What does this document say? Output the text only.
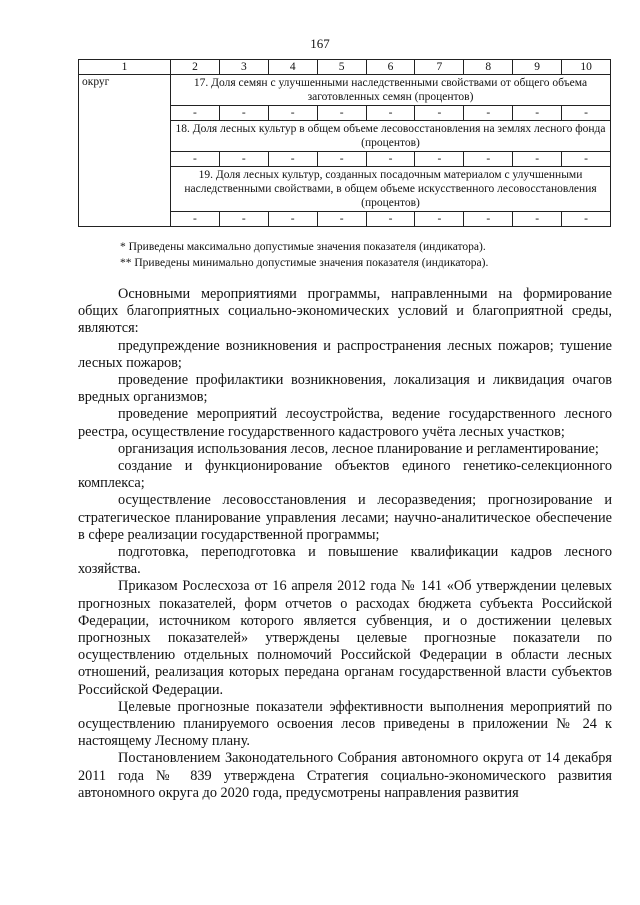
167
1	2	3	4	5	6	7	8	9	10
округ	17. Доля семян с улучшенными наследственными свойствами от общего объема заготовленных семян (процентов)								
	-	-	-	-	-	-	-	-	-
	18. Доля лесных культур в общем объеме лесовосстановления на землях лесного фонда (процентов)								
	-	-	-	-	-	-	-	-	-
	19. Доля лесных культур, созданных посадочным материалом с улучшенными наследственными свойствами, в общем объеме искусственного лесовосстановления (процентов)								
	-	-	-	-	-	-	-	-	-
* Приведены максимально допустимые значения показателя (индикатора).
** Приведены минимально допустимые значения показателя (индикатора).

Основными мероприятиями программы, направленными на формирование общих благоприятных социально-экономических условий и благоприятной среды, являются:

предупреждение возникновения и распространения лесных пожаров; тушение лесных пожаров;

проведение профилактики возникновения, локализация и ликвидация очагов вредных организмов;

проведение мероприятий лесоустройства, ведение государственного лесного реестра, осуществление государственного кадастрового учёта лесных участков;

организация использования лесов, лесное планирование и регламентирование;

создание и функционирование объектов единого генетико-селекционного комплекса;

осуществление лесовосстановления и лесоразведения; прогнозирование и стратегическое планирование управления лесами; научно-аналитическое обеспечение в сфере реализации государственной программы;

подготовка, переподготовка и повышение квалификации кадров лесного хозяйства.

Приказом Рослесхоза от 16 апреля 2012 года № 141 «Об утверждении целевых прогнозных показателей, форм отчетов о расходах бюджета субъекта Российской Федерации, источником которого является субвенция, и о достижении целевых прогнозных показателей» утверждены целевые прогнозные показатели по осуществлению отдельных полномочий Российской Федерации в области лесных отношений, реализация которых передана органам государственной власти субъектов Российской Федерации.

Целевые прогнозные показатели эффективности выполнения мероприятий по осуществлению планируемого освоения лесов приведены в приложении № 24 к настоящему Лесному плану.

Постановлением Законодательного Собрания автономного округа от 14 декабря 2011 года № 839 утверждена Стратегия социально-экономического развития автономного округа до 2020 года, предусмотрены направления развития
